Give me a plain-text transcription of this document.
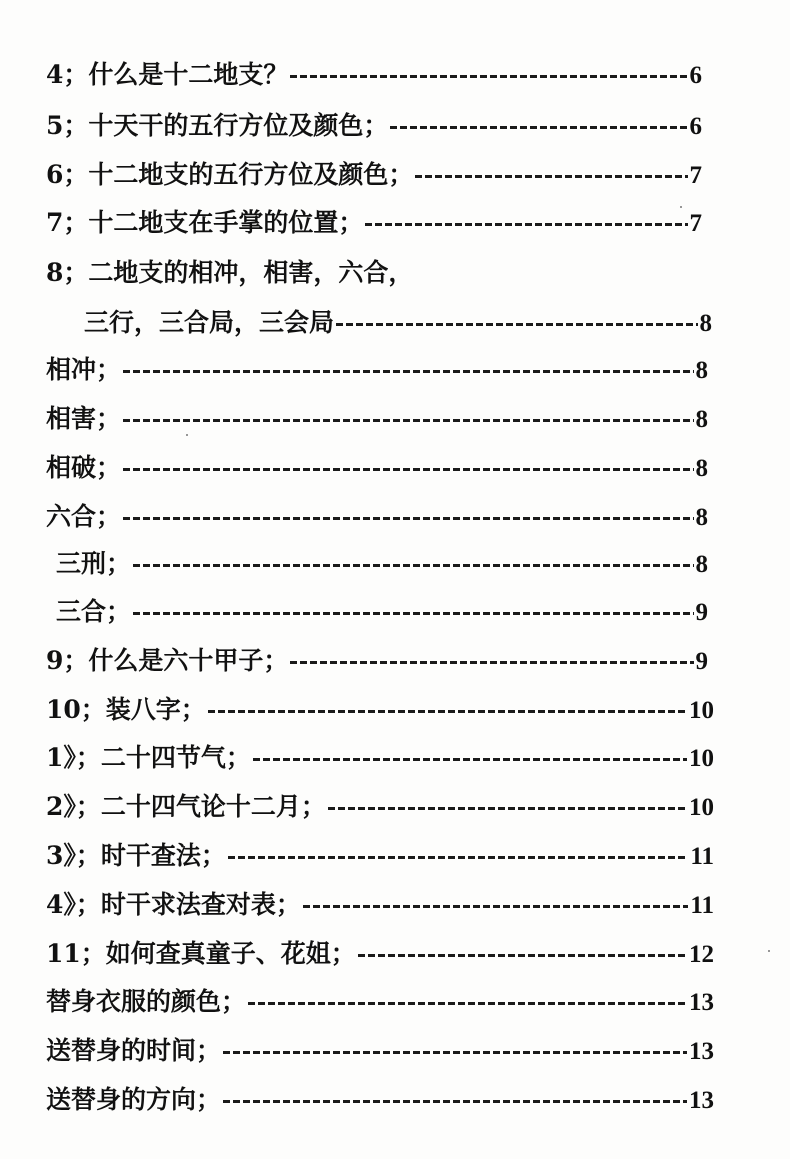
4；什么是十二地支？	6
5；十天干的五行方位及颜色；	6
6；十二地支的五行方位及颜色；	7
7；十二地支在手掌的位置；	7
8；二地支的相冲，相害，六合，
三行，三合局，三会局	8
相冲；	8
相害；	8
相破；	8
六合；	8
三刑；	8
三合；	9
9；什么是六十甲子；	9
10；装八字；	10
1》；二十四节气；	10
2》；二十四气论十二月；	10
3》；时干查法；	11
4》；时干求法查对表；	11
11；如何查真童子、花姐；	12
替身衣服的颜色；	13
送替身的时间；	13
送替身的方向；	13
